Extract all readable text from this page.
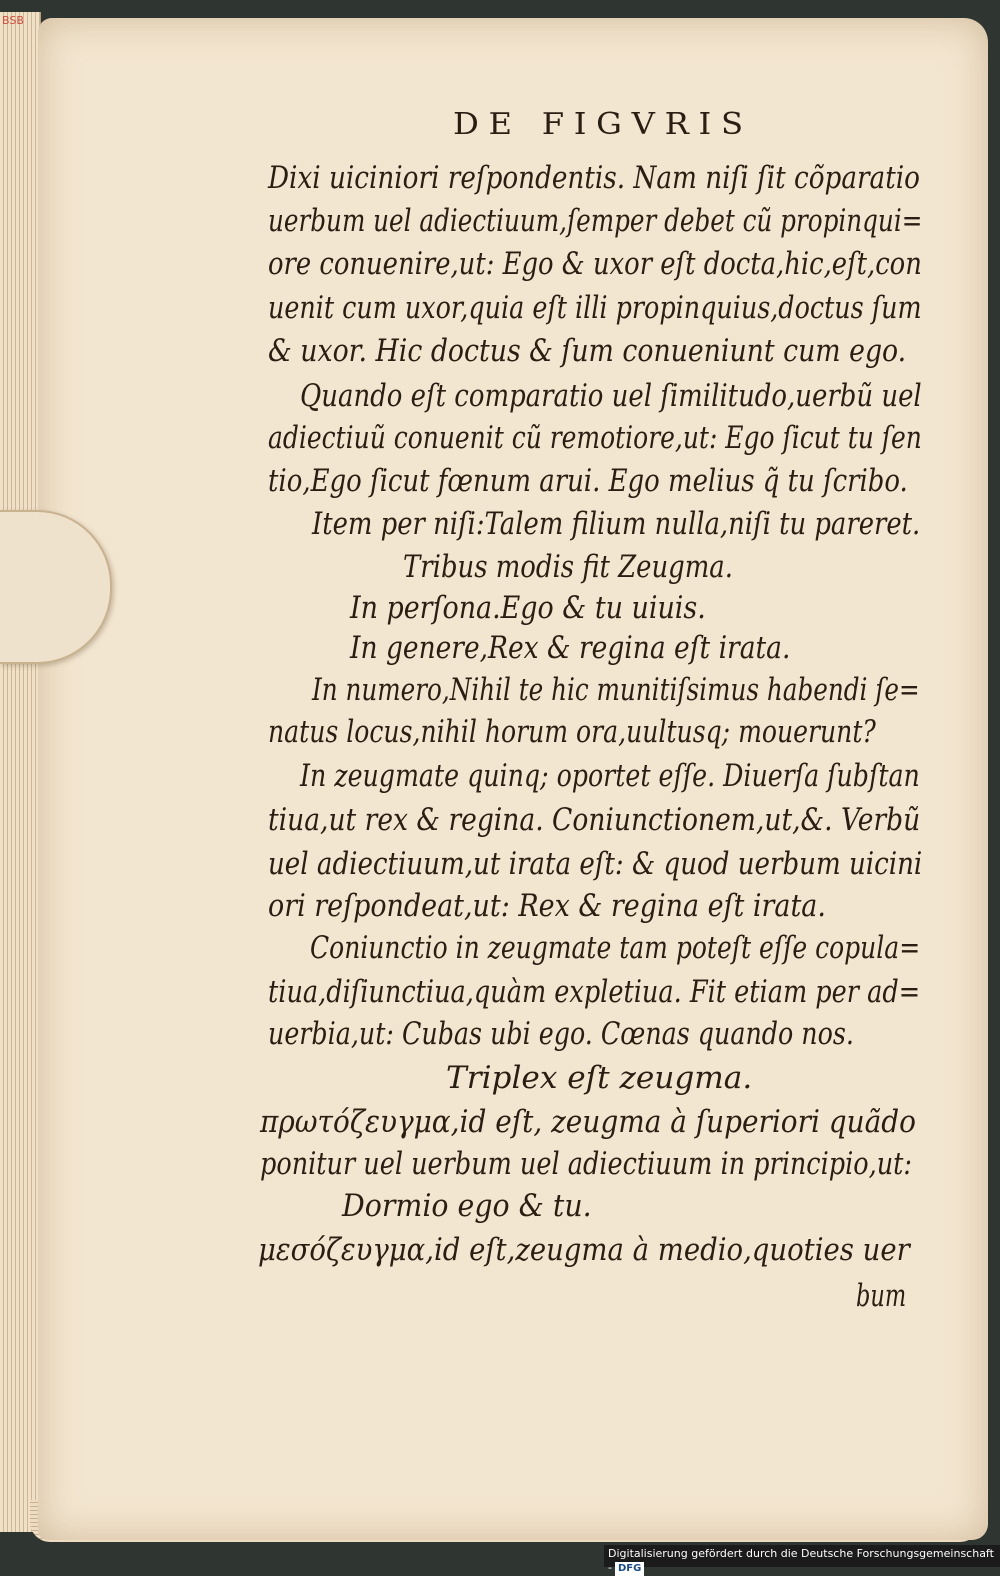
BSB
DE FIGVRIS
Dixi uiciniori reſpondentis. Nam niſi ſit cõparatio
uerbum uel adiectiuum,ſemper debet cũ propinqui=
ore conuenire,ut: Ego & uxor eſt docta,hic,eſt,con
uenit cum uxor,quia eſt illi propinquius,doctus ſum
& uxor. Hic doctus & ſum conueniunt cum ego.
Quando eſt comparatio uel ſimilitudo,uerbũ uel
adiectiuũ conuenit cũ remotiore,ut: Ego ſicut tu ſen
tio,Ego ſicut fœnum arui. Ego melius q̃ tu ſcribo.
Item per niſi:Talem filium nulla,niſi tu pareret.
Tribus modis fit Zeugma.
In perſona.Ego & tu uiuis.
In genere,Rex & regina eſt irata.
In numero,Nihil te hic munitiſsimus habendi ſe=
natus locus,nihil horum ora,uultusq; mouerunt?
In zeugmate quinq; oportet eſſe. Diuerſa ſubſtan
tiua,ut rex & regina. Coniunctionem,ut,&. Verbũ
uel adiectiuum,ut irata eſt: & quod uerbum uicini
ori reſpondeat,ut: Rex & regina eſt irata.
Coniunctio in zeugmate tam poteſt eſſe copula=
tiua,diſiunctiua,quàm expletiua. Fit etiam per ad=
uerbia,ut: Cubas ubi ego. Cœnas quando nos.
Triplex eſt zeugma.
πρωτόζευγμα,id eſt, zeugma à ſuperiori quãdo
ponitur uel uerbum uel adiectiuum in principio,ut:
Dormio ego & tu.
μεσόζευγμα,id eſt,zeugma à medio,quoties uer
bum
Digitalisierung gefördert durch die Deutsche Forschungsgemeinschaft - DFG
